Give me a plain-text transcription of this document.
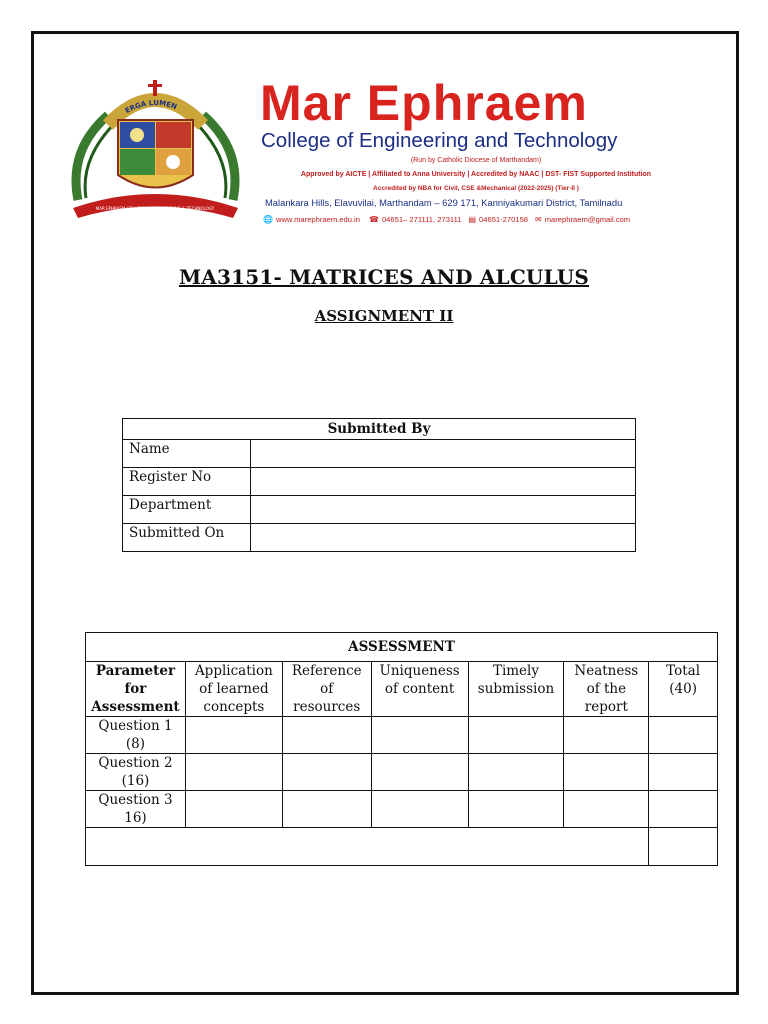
ERGA LUMEN
MAR EPHRAEM COLLEGE OF ENGINEERING & TECHNOLOGY
Mar Ephraem
College of Engineering and Technology
(Run by Catholic Diocese of Marthandam)
Approved by AICTE | Affiliated to Anna University | Accredited by NAAC | DST- FIST Supported Institution
Accredited by NBA for Civil, CSE &Mechanical (2022-2025) (Tier-II )
Malankara Hills, Elavuvilai, Marthandam – 629 171, Kanniyakumari District, Tamilnadu
🌐 www.marephraem.edu.in ☎ 04651– 271111, 273111 ▤ 04651-270158 ✉ marephraem@gmail.com
MA3151- MATRICES AND ALCULUS
ASSIGNMENT II
Submitted By	
Name	
Register No	
Department	
Submitted On	
ASSESSMENT						
Parameter for Assessment	Application of learned concepts	Reference of resources	Uniqueness of content	Timely submission	Neatness of the report	Total (40)
Question 1 (8)						
Question 2 (16)						
Question 3 16)						
